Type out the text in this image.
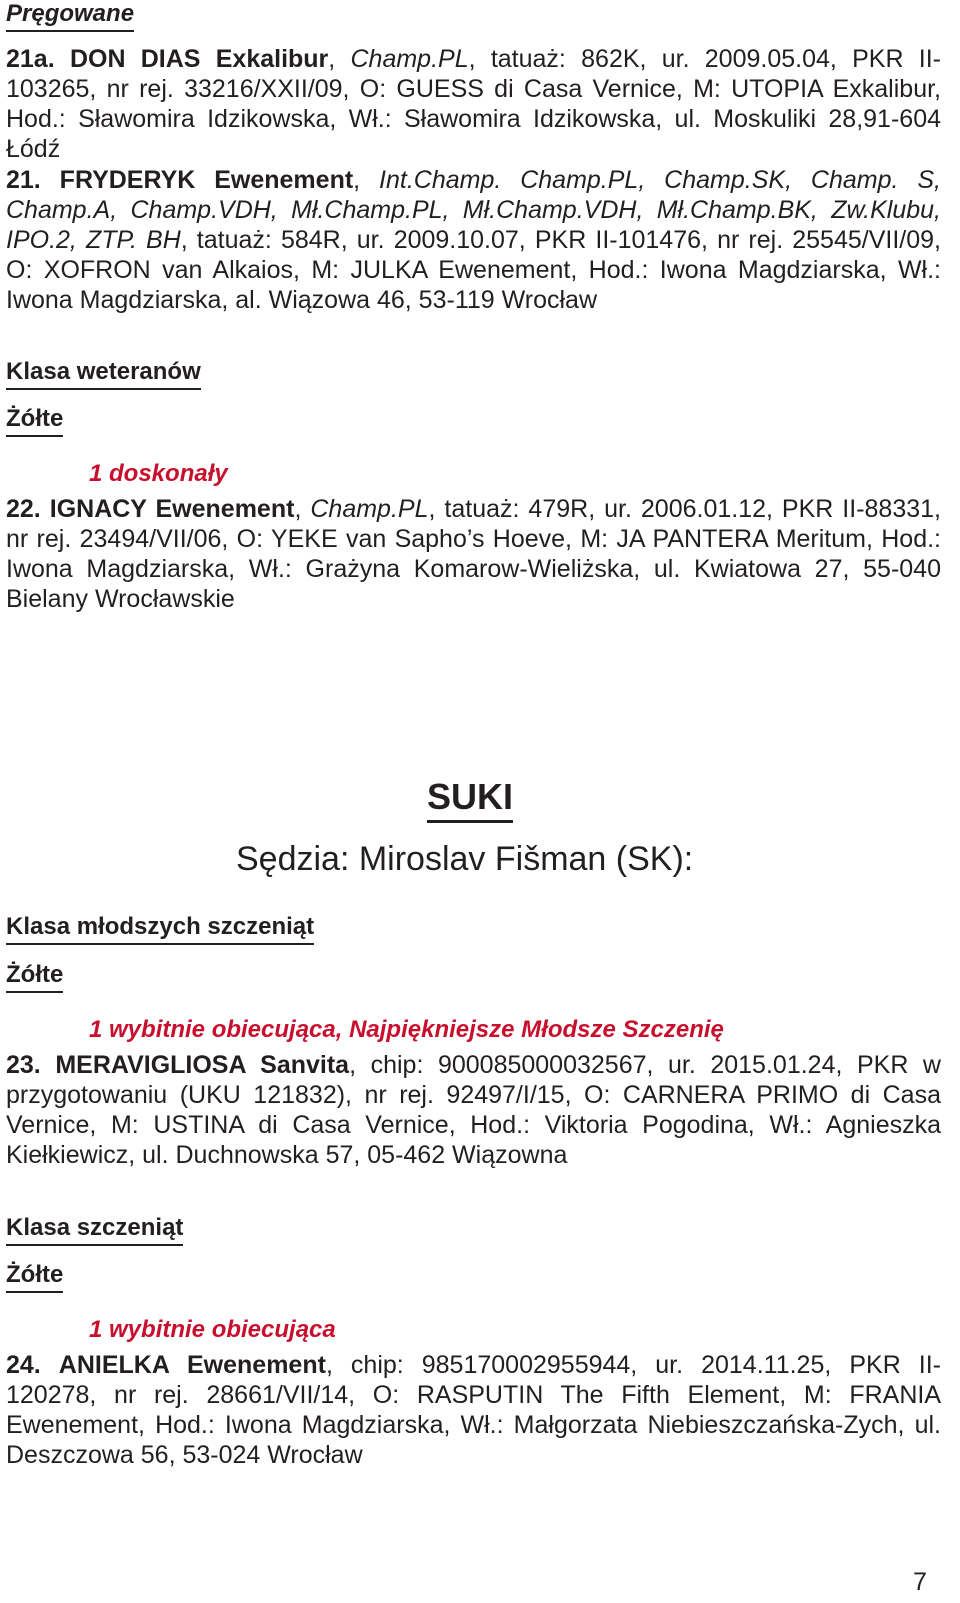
Pręgowane

21a. DON DIAS Exkalibur, Champ.PL, tatuaż: 862K, ur. 2009.05.04, PKR II-103265, nr rej. 33216/XXII/09, O: GUESS di Casa Vernice, M: UTOPIA Exkalibur, Hod.: Sławomira Idzikowska, Wł.: Sławomira Idzikowska, ul. Moskuliki 28,91-604 Łódź

21. FRYDERYK Ewenement, Int.Champ. Champ.PL, Champ.SK, Champ. S, Champ.A, Champ.VDH, Mł.Champ.PL, Mł.Champ.VDH, Mł.Champ.BK, Zw.Klubu, IPO.2, ZTP. BH, tatuaż: 584R, ur. 2009.10.07, PKR II-101476, nr rej. 25545/VII/09, O: XOFRON van Alkaios, M: JULKA Ewenement, Hod.: Iwona Magdziarska, Wł.: Iwona Magdziarska, al. Wiązowa 46, 53-119 Wrocław

Klasa weteranów
Żółte
1 doskonały

22. IGNACY Ewenement, Champ.PL, tatuaż: 479R, ur. 2006.01.12, PKR II-88331, nr rej. 23494/VII/06, O: YEKE van Sapho’s Hoeve, M: JA PANTERA Meritum, Hod.: Iwona Magdziarska, Wł.: Grażyna Komarow-Wieliżska, ul. Kwiatowa 27, 55-040 Bielany Wrocławskie

SUKI
Sędzia: Miroslav Fišman (SK):
Klasa młodszych szczeniąt
Żółte
1 wybitnie obiecująca, Najpiękniejsze Młodsze Szczenię

23. MERAVIGLIOSA Sanvita, chip: 900085000032567, ur. 2015.01.24, PKR w przygotowaniu (UKU 121832), nr rej. 92497/I/15, O: CARNERA PRIMO di Casa Vernice, M: USTINA di Casa Vernice, Hod.: Viktoria Pogodina, Wł.: Agnieszka Kiełkiewicz, ul. Duchnowska 57, 05-462 Wiązowna

Klasa szczeniąt
Żółte
1 wybitnie obiecująca

24. ANIELKA Ewenement, chip: 985170002955944, ur. 2014.11.25, PKR II-120278, nr rej. 28661/VII/14, O: RASPUTIN The Fifth Element, M: FRANIA Ewenement, Hod.: Iwona Magdziarska, Wł.: Małgorzata Niebieszczańska-Zych, ul. Deszczowa 56, 53-024 Wrocław

7
